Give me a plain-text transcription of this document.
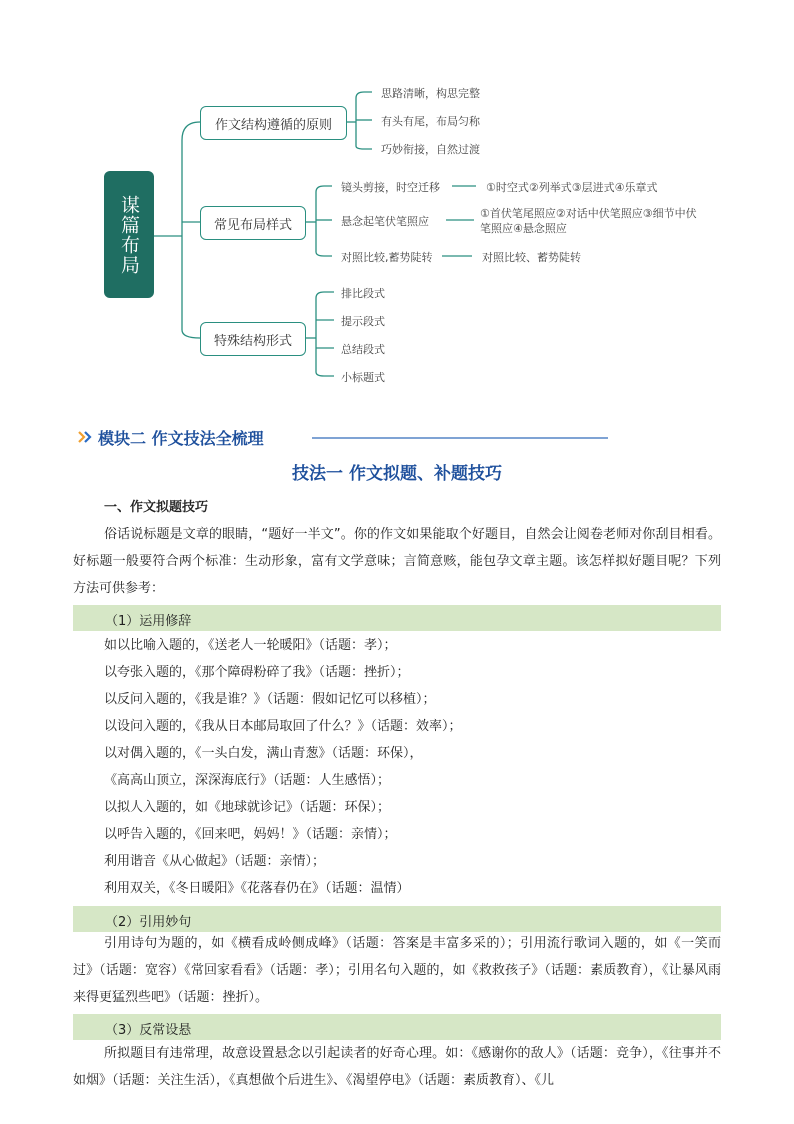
谋篇布局
作文结构遵循的原则
常见布局样式
特殊结构形式
思路清晰，构思完整
有头有尾，布局匀称
巧妙衔接，自然过渡
镜头剪接，时空迁移	①时空式②列举式③层进式④乐章式
悬念起笔伏笔照应
①首伏笔尾照应②对话中伏笔照应③细节中伏笔照应④悬念照应
对照比较,蓄势陡转	对照比较、蓄势陡转
排比段式
提示段式
总结段式
小标题式
模块二 作文技法全梳理
技法一 作文拟题、补题技巧
一、作文拟题技巧
俗话说标题是文章的眼睛，“题好一半文”。你的作文如果能取个好题目，自然会让阅卷老师对你刮目相看。好标题一般要符合两个标准：生动形象，富有文学意味；言简意赅，能包孕文章主题。该怎样拟好题目呢？下列方法可供参考：
（1）运用修辞
如以比喻入题的，《送老人一轮暖阳》（话题：孝）；
以夸张入题的，《那个障碍粉碎了我》（话题：挫折）；
以反问入题的，《我是谁？》（话题：假如记忆可以移植）；
以设问入题的，《我从日本邮局取回了什么？》（话题：效率）；
以对偶入题的，《一头白发，满山青葱》（话题：环保），
《高高山顶立，深深海底行》（话题：人生感悟）；
以拟人入题的，如《地球就诊记》（话题：环保）；
以呼告入题的，《回来吧，妈妈！》（话题：亲情）；
利用谐音《从心做起》（话题：亲情）；
利用双关，《冬日暖阳》《花落春仍在》（话题：温情）
（2）引用妙句
引用诗句为题的，如《横看成岭侧成峰》（话题：答案是丰富多采的）；引用流行歌词入题的，如《一笑而过》（话题：宽容）《常回家看看》（话题：孝）；引用名句入题的，如《救救孩子》（话题：素质教育），《让暴风雨来得更猛烈些吧》（话题：挫折）。
（3）反常设悬
所拟题目有违常理，故意设置悬念以引起读者的好奇心理。如：《感谢你的敌人》（话题：竞争），《往事并不如烟》（话题：关注生活），《真想做个后进生》、《渴望停电》（话题：素质教育）、《儿
